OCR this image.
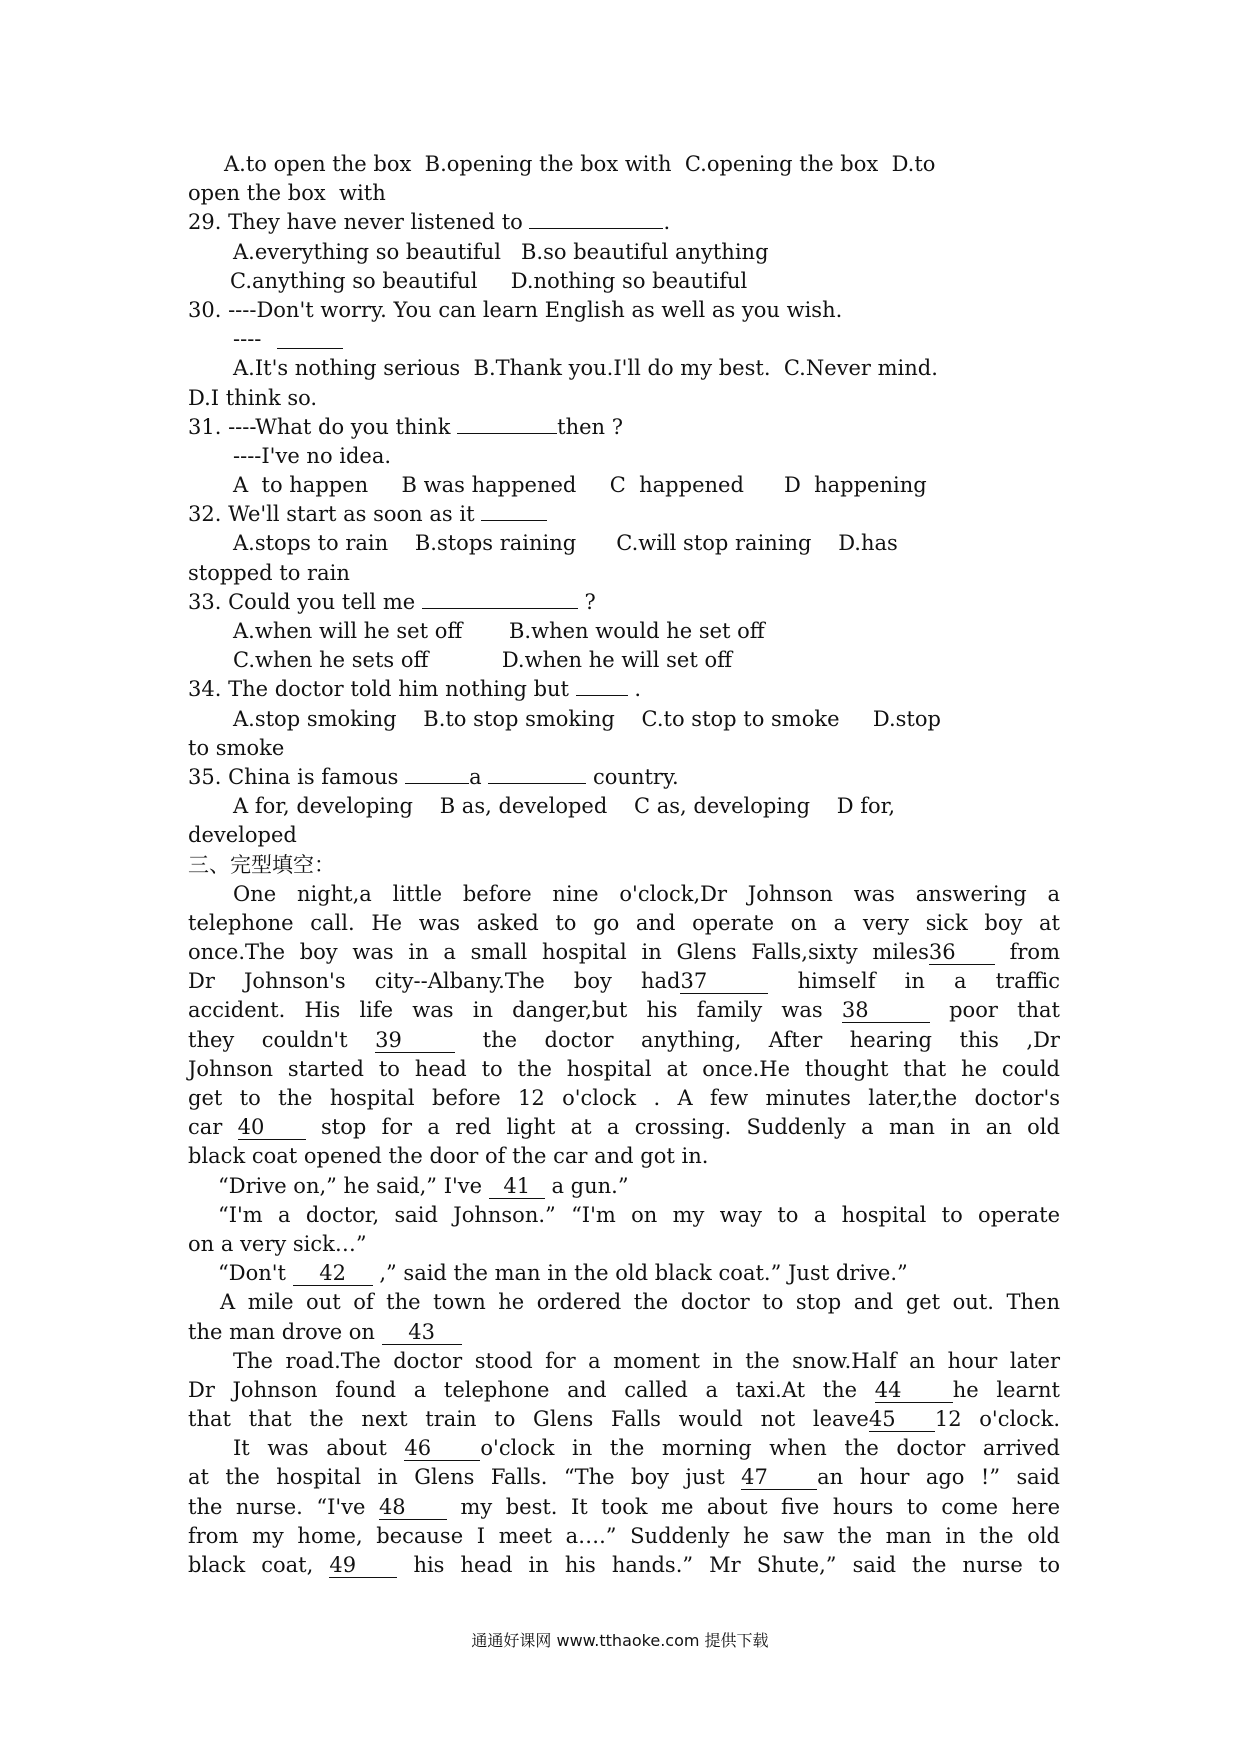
A.to open the box  B.opening the box with  C.opening the box  D.to
open the box  with
29. They have never listened to	.
A.everything so beautiful   B.so beautiful anything
C.anything so beautiful     D.nothing so beautiful
30. ----Don't worry. You can learn English as well as you wish.
----

A.It's nothing serious  B.Thank you.I'll do my best.  C.Never mind.
D.I think so.
31. ----What do you think	then ?
----I've no idea.
A  to happen     B was happened     C  happened      D  happening
32. We'll start as soon as it
A.stops to rain    B.stops raining      C.will stop raining    D.has
stopped to rain
33. Could you tell me	?
A.when will he set off       B.when would he set off
C.when he sets off           D.when he will set off
34. The doctor told him nothing but	.
A.stop smoking    B.to stop smoking    C.to stop to smoke     D.stop
to smoke
35. China is famous	a	country.
A for, developing    B as, developed    C as, developing    D for,
developed
三、完型填空：
One night,a little before nine o'clock,Dr Johnson was answering a
telephone call. He was asked to go and operate on a very sick boy at
once.The boy was in a small hospital in Glens Falls,sixty miles36	from
Dr Johnson's city--Albany.The boy had37	himself in a traffic
accident. His life was in danger,but his family was 38	poor that
they couldn't 39	the doctor anything, After hearing this ,Dr
Johnson started to head to the hospital at once.He thought that he could
get to the hospital before 12 o'clock . A few minutes later,the doctor's
car 40	stop for a red light at a crossing. Suddenly a man in an old
black coat opened the door of the car and got in.
“Drive on,” he said,” I've 41 a gun.”
“I'm a doctor, said Johnson.” “I'm on my way to a hospital to operate
on a very sick…”
“Don't 42 ,” said the man in the old black coat.” Just drive.”
A mile out of the town he ordered the doctor to stop and get out. Then
the man drove on 43
The road.The doctor stood for a moment in the snow.Half an hour later
Dr Johnson found a telephone and called a taxi.At the 44 he learnt
that that the next train to Glens Falls would not leave45 12 o'clock.
It was about 46 o'clock in the morning when the doctor arrived
at the hospital in Glens Falls. “The boy just 47 an hour ago !” said
the nurse. “I've 48	my best. It took me about five hours to come here
from my home, because I meet a….” Suddenly he saw the man in the old
black coat, 49	his head in his hands.” Mr Shute,” said the nurse to
通通好课网 www.tthaoke.com 提供下载
